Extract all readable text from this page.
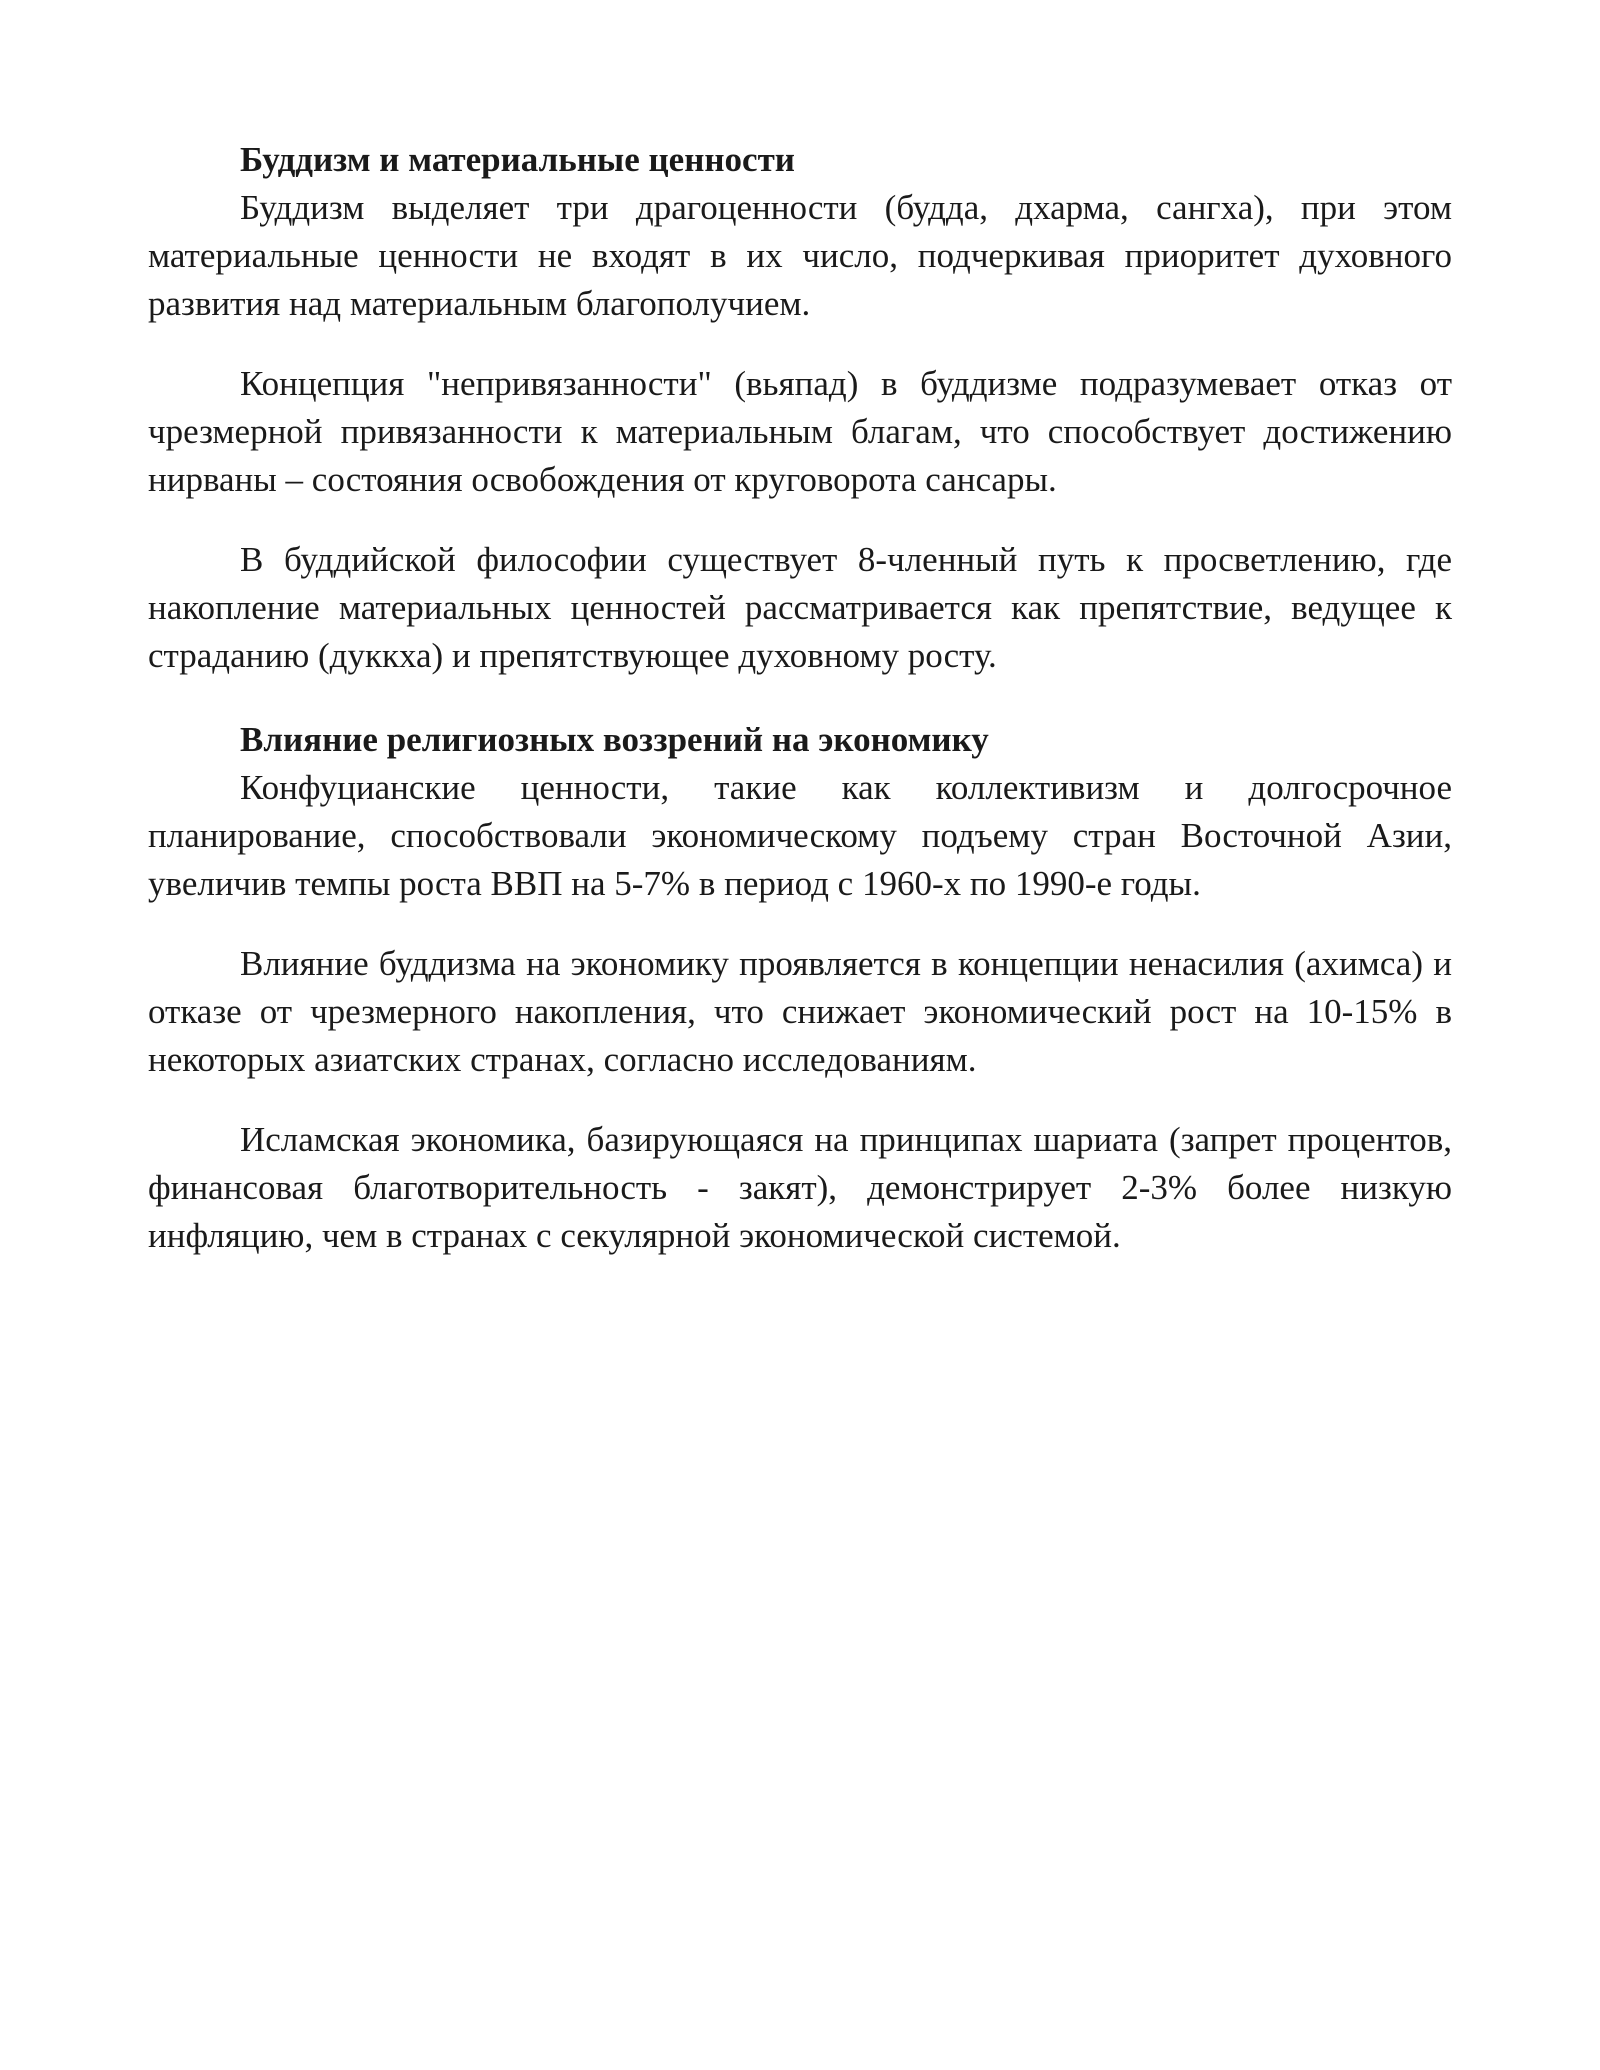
Буддизм и материальные ценности

Буддизм выделяет три драгоценности (будда, дхарма, сангха), при этом материальные ценности не входят в их число, подчеркивая приоритет духовного развития над материальным благополучием.

Концепция "непривязанности" (вьяпад) в буддизме подразумевает отказ от чрезмерной привязанности к материальным благам, что способствует достижению нирваны – состояния освобождения от круговорота сансары.

В буддийской философии существует 8-членный путь к просветлению, где накопление материальных ценностей рассматривается как препятствие, ведущее к страданию (дуккха) и препятствующее духовному росту.

Влияние религиозных воззрений на экономику

Конфуцианские ценности, такие как коллективизм и долгосрочное планирование, способствовали экономическому подъему стран Восточной Азии, увеличив темпы роста ВВП на 5-7% в период с 1960-х по 1990-е годы.

Влияние буддизма на экономику проявляется в концепции ненасилия (ахимса) и отказе от чрезмерного накопления, что снижает экономический рост на 10-15% в некоторых азиатских странах, согласно исследованиям.

Исламская экономика, базирующаяся на принципах шариата (запрет процентов, финансовая благотворительность - закят), демонстрирует 2-3% более низкую инфляцию, чем в странах с секулярной экономической системой.
